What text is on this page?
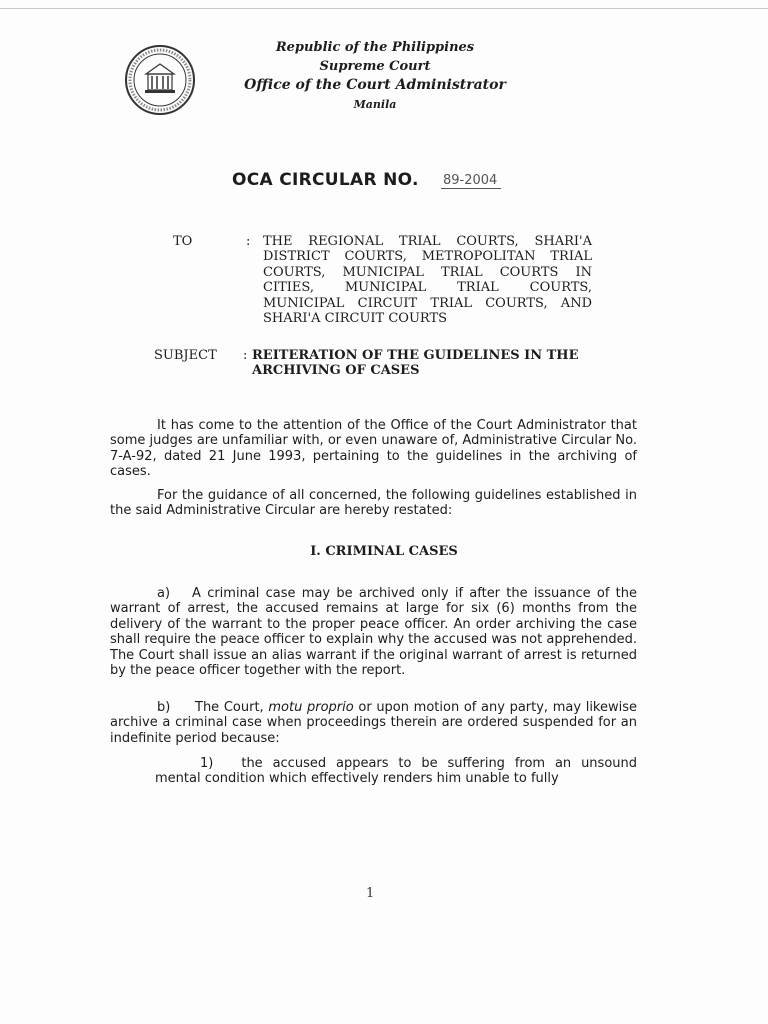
Republic of the Philippines
Supreme Court
Office of the Court Administrator
Manila
OCA CIRCULAR NO. 89-2004
TO	: THE REGIONAL TRIAL COURTS, SHARI'A DISTRICT COURTS, METROPOLITAN TRIAL COURTS, MUNICIPAL TRIAL COURTS IN CITIES, MUNICIPAL TRIAL COURTS, MUNICIPAL CIRCUIT TRIAL COURTS, AND SHARI'A CIRCUIT COURTS
SUBJECT : REITERATION OF THE GUIDELINES IN THE ARCHIVING OF CASES
It has come to the attention of the Office of the Court Administrator that some judges are unfamiliar with, or even unaware of, Administrative Circular No. 7-A-92, dated 21 June 1993, pertaining to the guidelines in the archiving of cases.
For the guidance of all concerned, the following guidelines established in the said Administrative Circular are hereby restated:
I. CRIMINAL CASES
a) A criminal case may be archived only if after the issuance of the warrant of arrest, the accused remains at large for six (6) months from the delivery of the warrant to the proper peace officer. An order archiving the case shall require the peace officer to explain why the accused was not apprehended. The Court shall issue an alias warrant if the original warrant of arrest is returned by the peace officer together with the report.
b) The Court, motu proprio or upon motion of any party, may likewise archive a criminal case when proceedings therein are ordered suspended for an indefinite period because:
1) the accused appears to be suffering from an unsound mental condition which effectively renders him unable to fully
1
